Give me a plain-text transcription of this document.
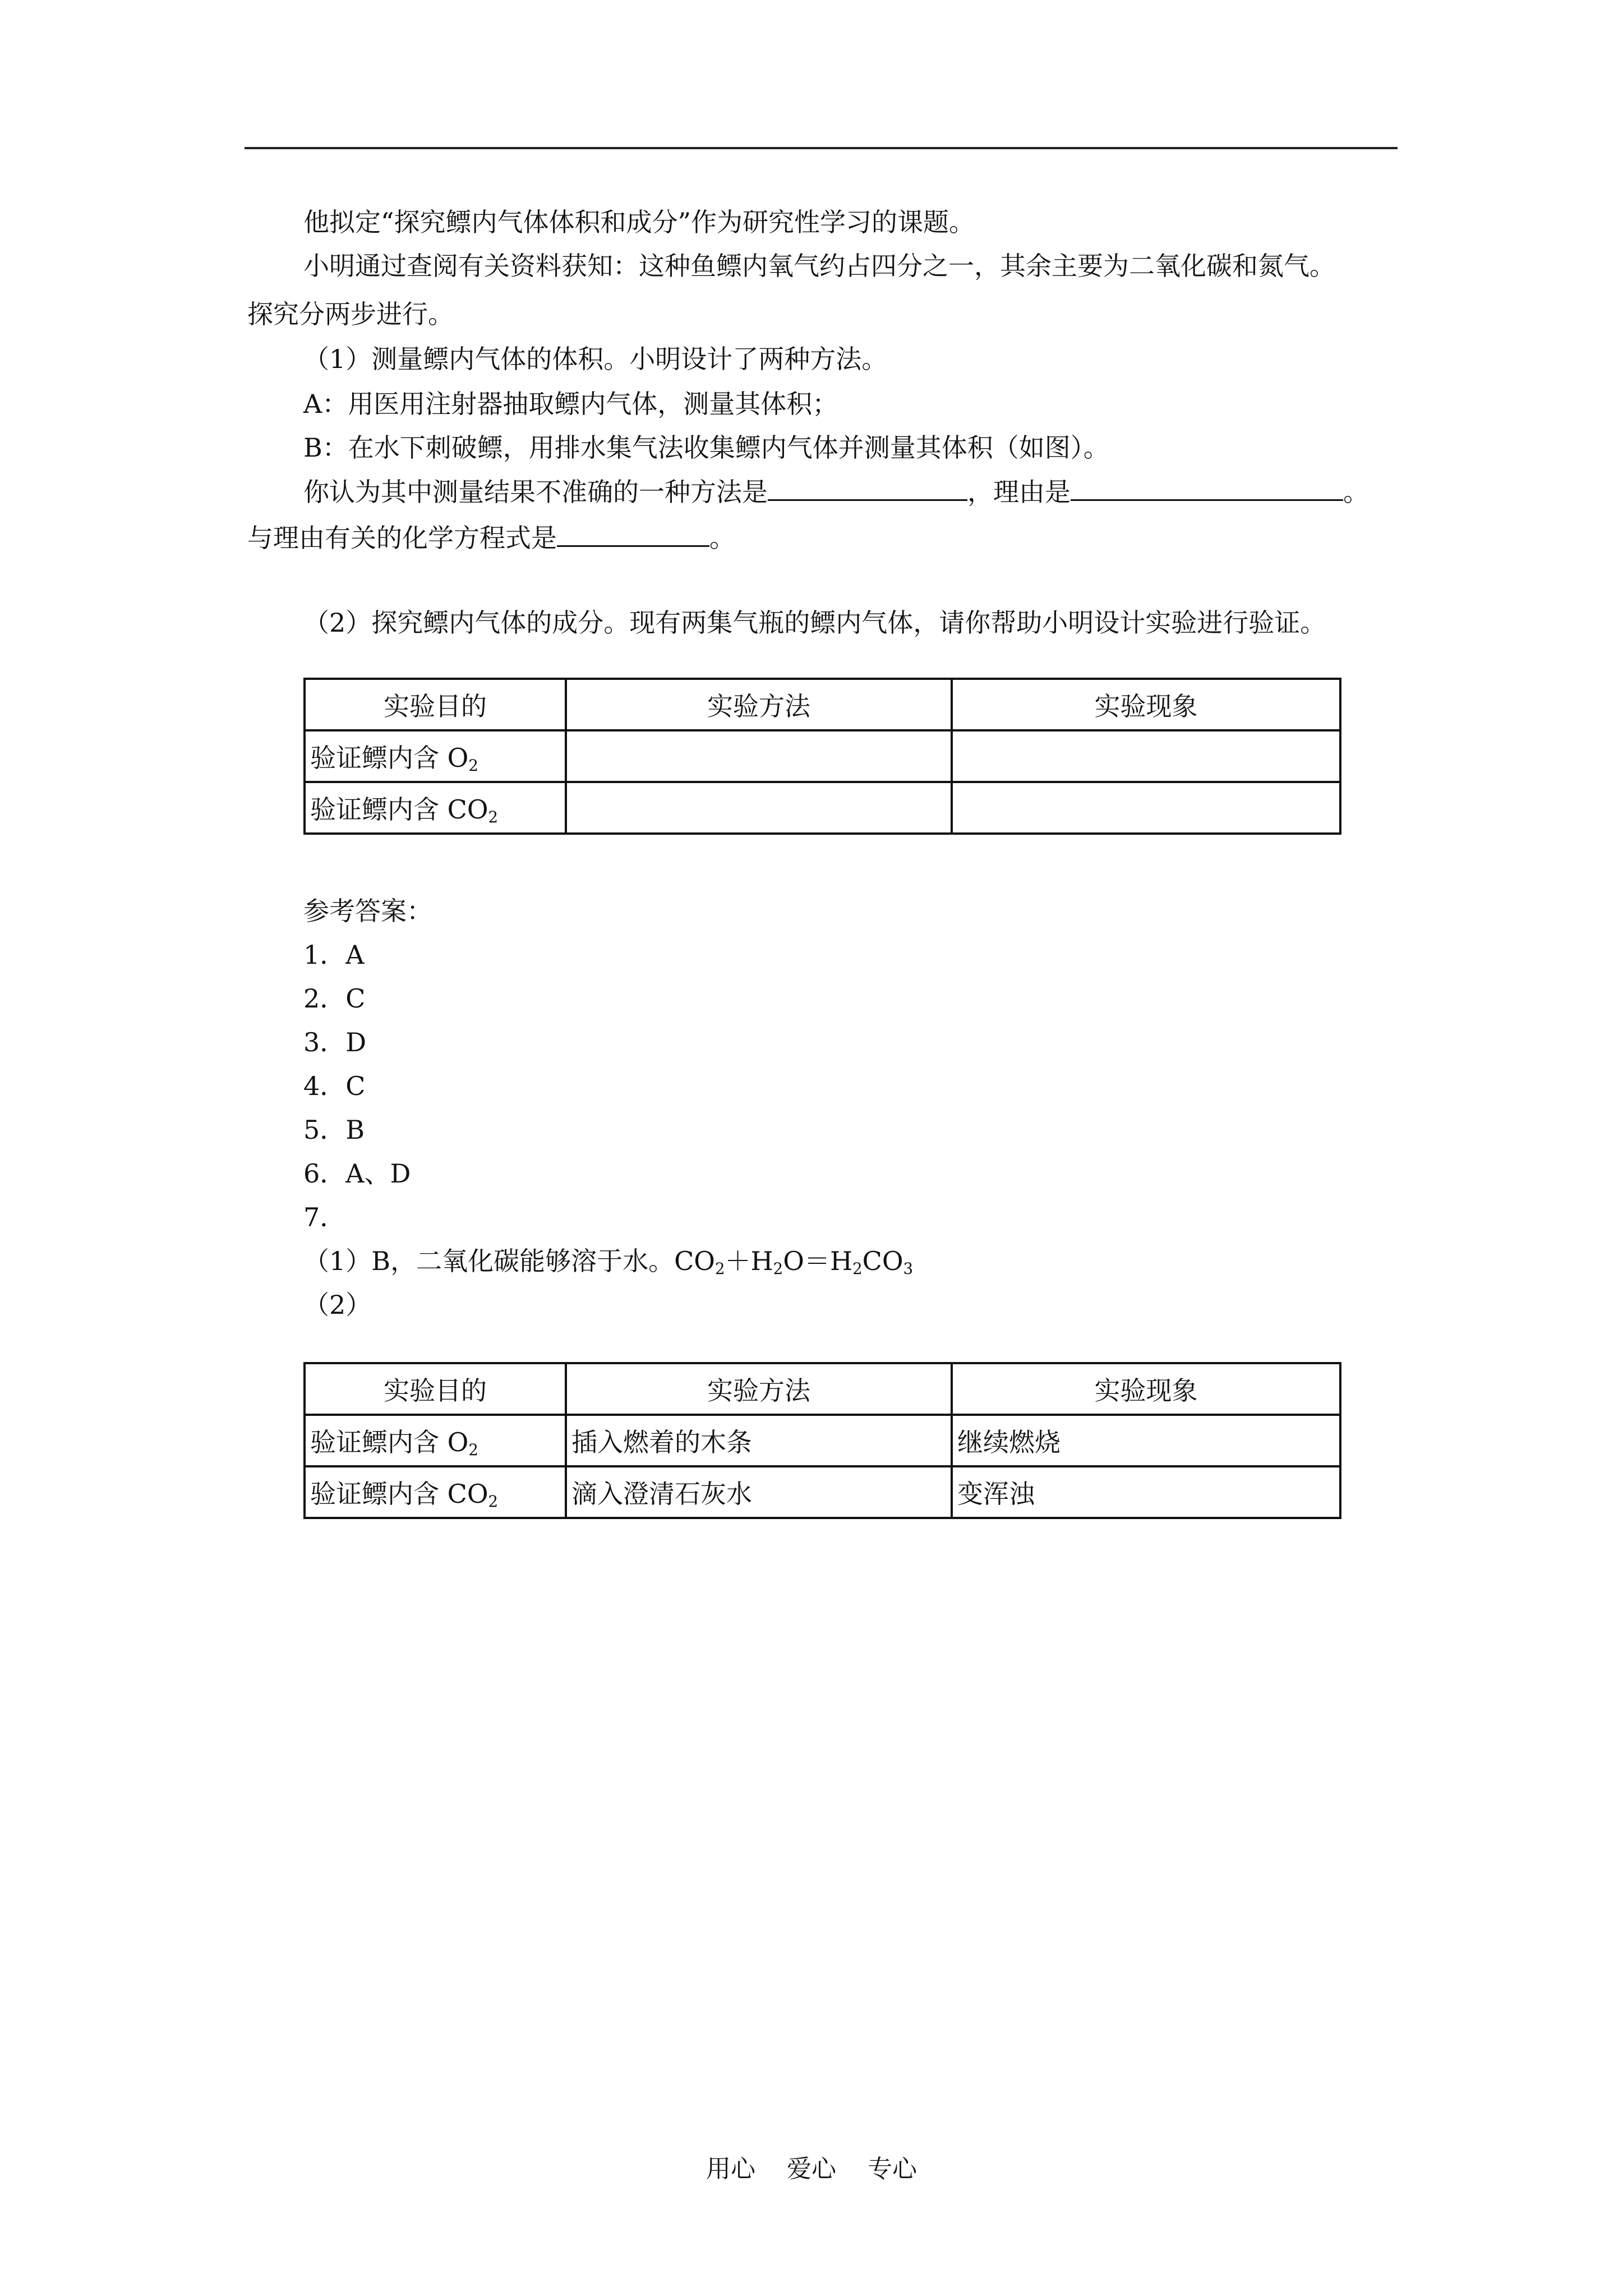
他拟定“探究鳔内气体体积和成分”作为研究性学习的课题。
小明通过查阅有关资料获知：这种鱼鳔内氧气约占四分之一，其余主要为二氧化碳和氮气。
探究分两步进行。
（1）测量鳔内气体的体积。小明设计了两种方法。
A：用医用注射器抽取鳔内气体，测量其体积；
B：在水下刺破鳔，用排水集气法收集鳔内气体并测量其体积（如图）。
你认为其中测量结果不准确的一种方法是	，理由是	。
与理由有关的化学方程式是	。
（2）探究鳔内气体的成分。现有两集气瓶的鳔内气体，请你帮助小明设计实验进行验证。
实验目的	实验方法	实验现象
验证鳔内含 $O_2$		
验证鳔内含 $CO_2$		
参考答案：
1．A
2．C
3．D
4．C
5．B
6．A、D
7．
（1）B，二氧化碳能够溶于水。$CO_2+H_2O=H_2CO_3$
（2）
实验目的	实验方法	实验现象
验证鳔内含 $O_2$	插入燃着的木条	继续燃烧
验证鳔内含 $CO_2$	滴入澄清石灰水	变浑浊
用心 爱心 专心
